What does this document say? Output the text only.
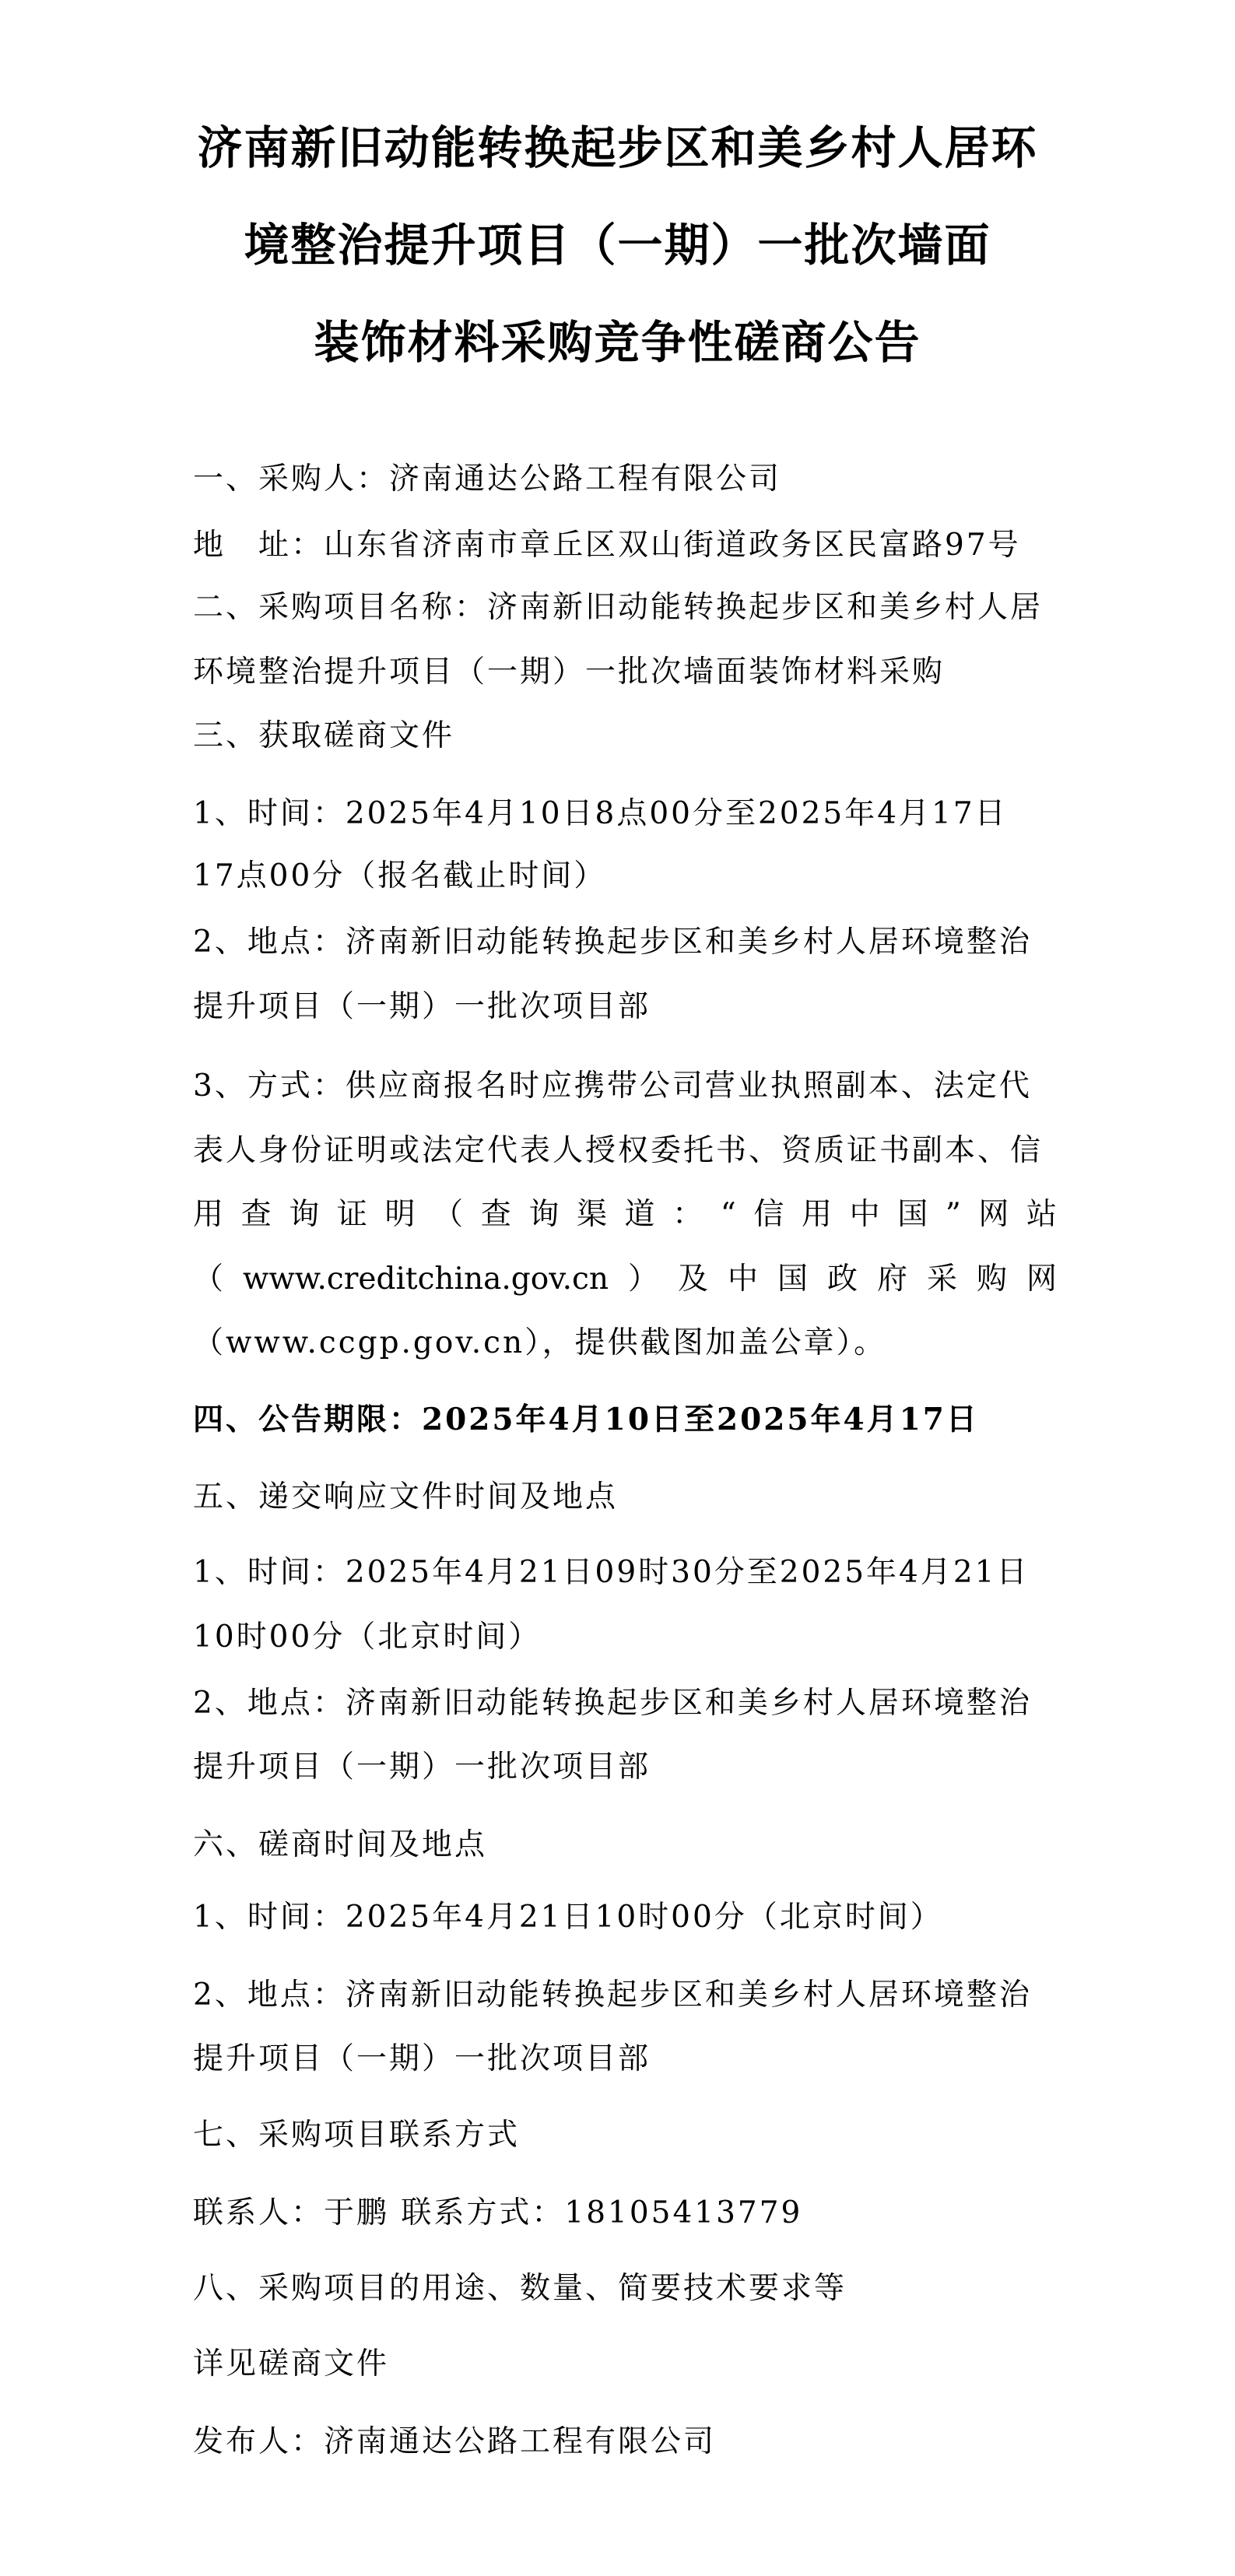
济南新旧动能转换起步区和美乡村人居环
境整治提升项目（一期）一批次墙面
装饰材料采购竞争性磋商公告
一、采购人：济南通达公路工程有限公司
地　址：山东省济南市章丘区双山街道政务区民富路97号
二、采购项目名称：济南新旧动能转换起步区和美乡村人居
环境整治提升项目（一期）一批次墙面装饰材料采购
三、获取磋商文件
1、时间：2025年4月10日8点00分至2025年4月17日
17点00分（报名截止时间）
2、地点：济南新旧动能转换起步区和美乡村人居环境整治
提升项目（一期）一批次项目部
3、方式：供应商报名时应携带公司营业执照副本、法定代
表人身份证明或法定代表人授权委托书、资质证书副本、信
用查询证明（查询渠道：“信用中国”网站
（www.creditchina.gov.cn）及中国政府采购网
（www.ccgp.gov.cn），提供截图加盖公章）。
四、公告期限：2025年4月10日至2025年4月17日
五、递交响应文件时间及地点
1、时间：2025年4月21日09时30分至2025年4月21日
10时00分（北京时间）
2、地点：济南新旧动能转换起步区和美乡村人居环境整治
提升项目（一期）一批次项目部
六、磋商时间及地点
1、时间：2025年4月21日10时00分（北京时间）
2、地点：济南新旧动能转换起步区和美乡村人居环境整治
提升项目（一期）一批次项目部
七、采购项目联系方式
联系人：于鹏 联系方式：18105413779
八、采购项目的用途、数量、简要技术要求等
详见磋商文件
发布人：济南通达公路工程有限公司
